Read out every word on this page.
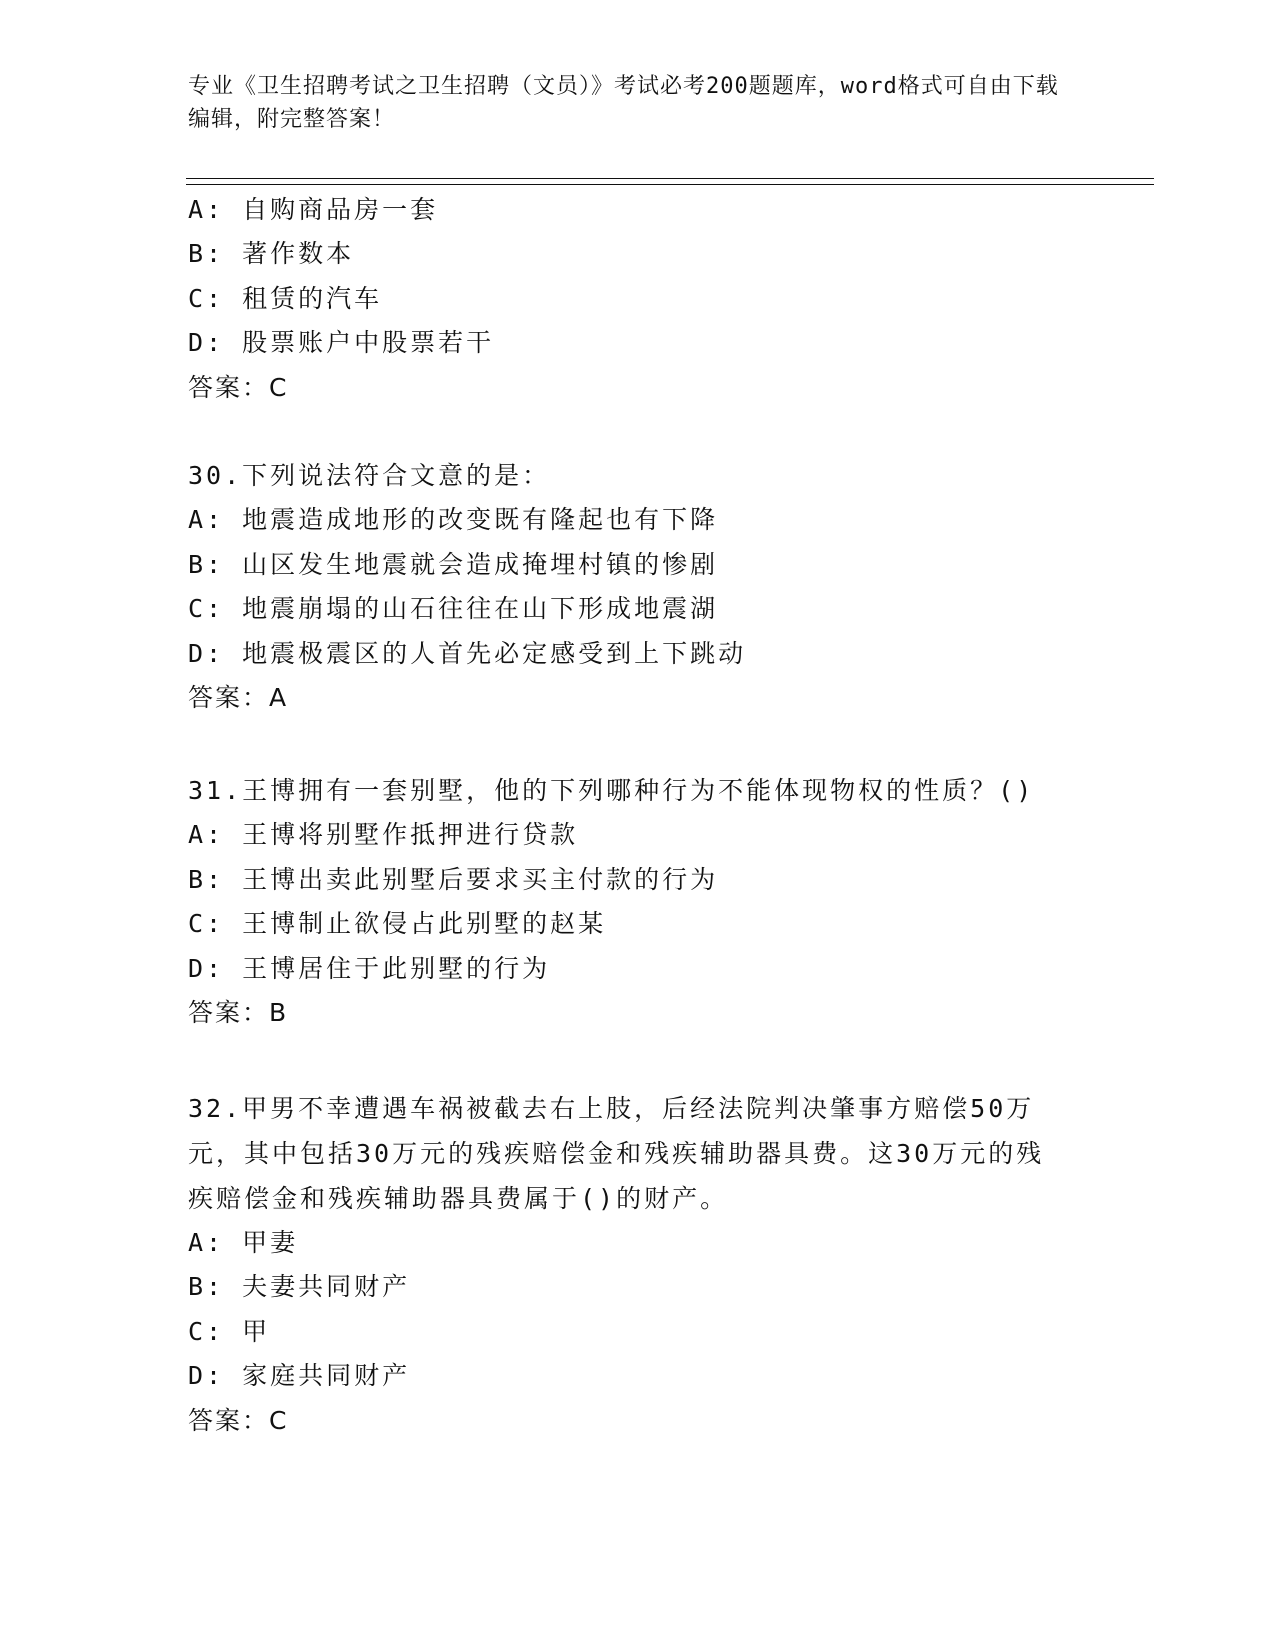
专业《卫生招聘考试之卫生招聘（文员）》考试必考200题题库，word格式可自由下载编辑，附完整答案！
A: 自购商品房一套
B: 著作数本
C: 租赁的汽车
D: 股票账户中股票若干
答案：C
30.下列说法符合文意的是：
A: 地震造成地形的改变既有隆起也有下降
B: 山区发生地震就会造成掩埋村镇的惨剧
C: 地震崩塌的山石往往在山下形成地震湖
D: 地震极震区的人首先必定感受到上下跳动
答案：A
31.王博拥有一套别墅，他的下列哪种行为不能体现物权的性质？()
A: 王博将别墅作抵押进行贷款
B: 王博出卖此别墅后要求买主付款的行为
C: 王博制止欲侵占此别墅的赵某
D: 王博居住于此别墅的行为
答案：B
32.甲男不幸遭遇车祸被截去右上肢，后经法院判决肇事方赔偿50万元，其中包括30万元的残疾赔偿金和残疾辅助器具费。这30万元的残疾赔偿金和残疾辅助器具费属于()的财产。
A: 甲妻
B: 夫妻共同财产
C: 甲
D: 家庭共同财产
答案：C
